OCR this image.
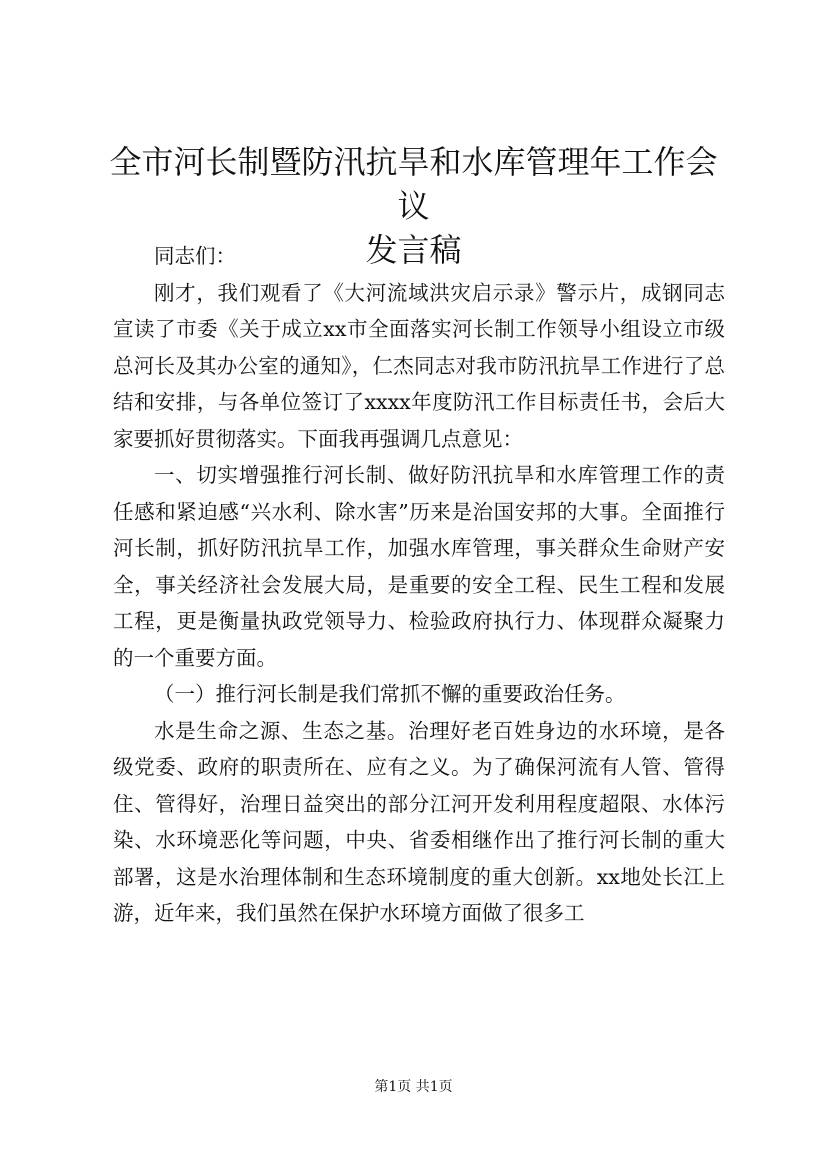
全市河长制暨防汛抗旱和水库管理年工作会议
发言稿

同志们：

刚才，我们观看了《大河流域洪灾启示录》警示片，成钢同志宣读了市委《关于成立xx市全面落实河长制工作领导小组设立市级总河长及其办公室的通知》，仁杰同志对我市防汛抗旱工作进行了总结和安排，与各单位签订了xxxx年度防汛工作目标责任书，会后大家要抓好贯彻落实。下面我再强调几点意见：

一、切实增强推行河长制、做好防汛抗旱和水库管理工作的责任感和紧迫感“兴水利、除水害”历来是治国安邦的大事。全面推行河长制，抓好防汛抗旱工作，加强水库管理，事关群众生命财产安全，事关经济社会发展大局，是重要的安全工程、民生工程和发展工程，更是衡量执政党领导力、检验政府执行力、体现群众凝聚力的一个重要方面。

（一）推行河长制是我们常抓不懈的重要政治任务。

水是生命之源、生态之基。治理好老百姓身边的水环境，是各级党委、政府的职责所在、应有之义。为了确保河流有人管、管得住、管得好，治理日益突出的部分江河开发利用程度超限、水体污染、水环境恶化等问题，中央、省委相继作出了推行河长制的重大部署，这是水治理体制和生态环境制度的重大创新。xx地处长江上游，近年来，我们虽然在保护水环境方面做了很多工

第1页 共1页
